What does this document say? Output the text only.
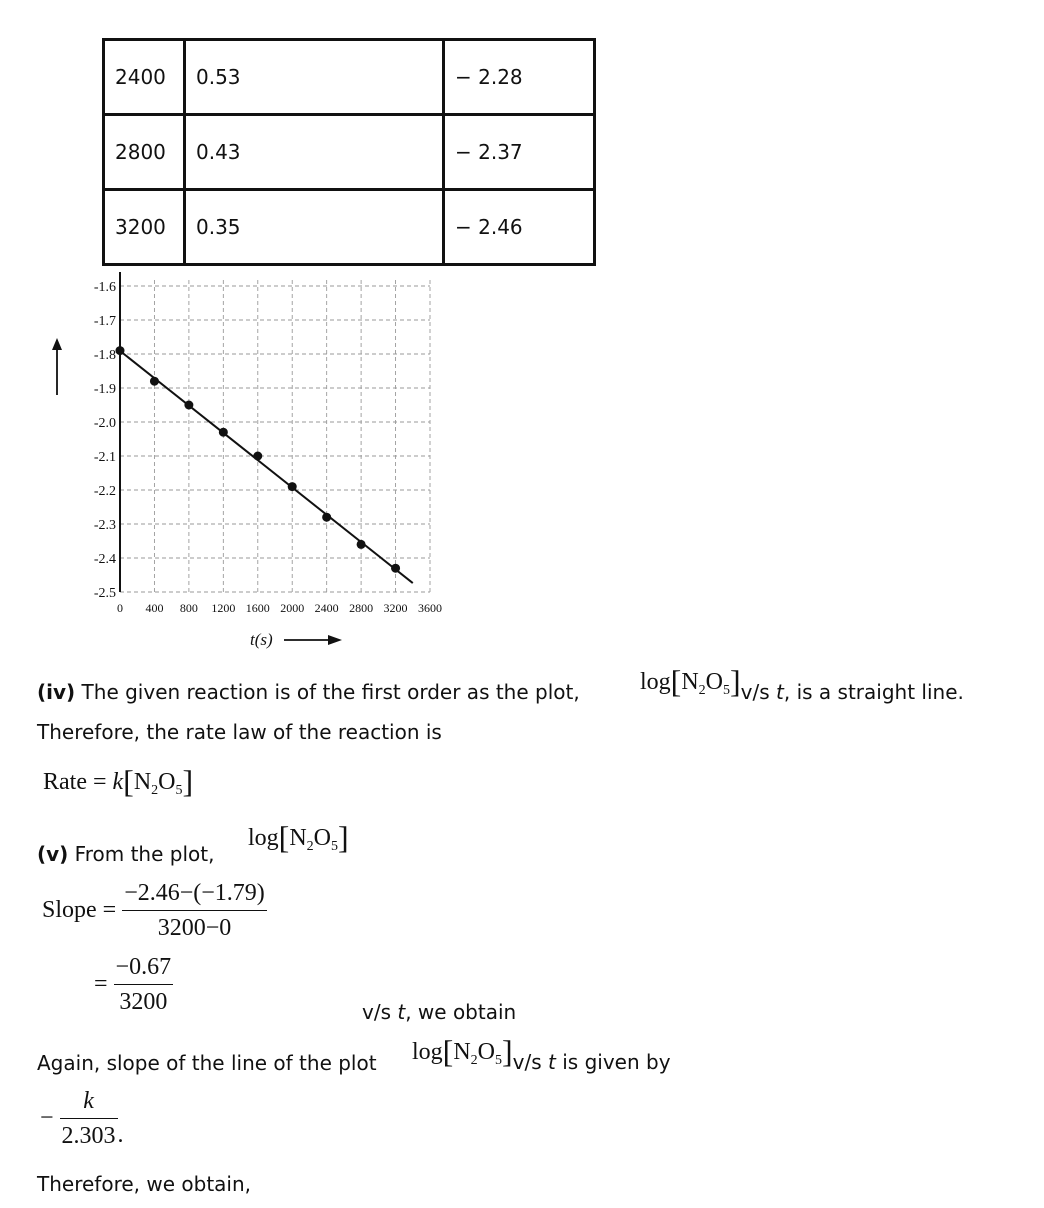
2400	0.53	− 2.28
2800	0.43	− 2.37
3200	0.35	− 2.46
-1.6
-1.7
-1.8
-1.9
-2.0
-2.1
-2.2
-2.3
-2.4
-2.5
0 400 800 1200 1600 2000 2400 2800 3200 3600
t(s)
(iv) The given reaction is of the first order as the plot,	$\log[N_2O_5]_{v/s t, is a straight line.}$
Therefore, the rate law of the reaction is
Rate = $k[N_2O_5]$
(v) From the plot,
$\log[N_2O_5]$
Slope = $\frac{-2.46-(-1.79)}{3200-0}$
= $\frac{-0.67}{3200}$	v/s t, we obtain
Again, slope of the line of the plot $\log[N_2O_5]_{v/s t is given by}$
− $\frac{k}{2.303}$ .
Therefore, we obtain,
